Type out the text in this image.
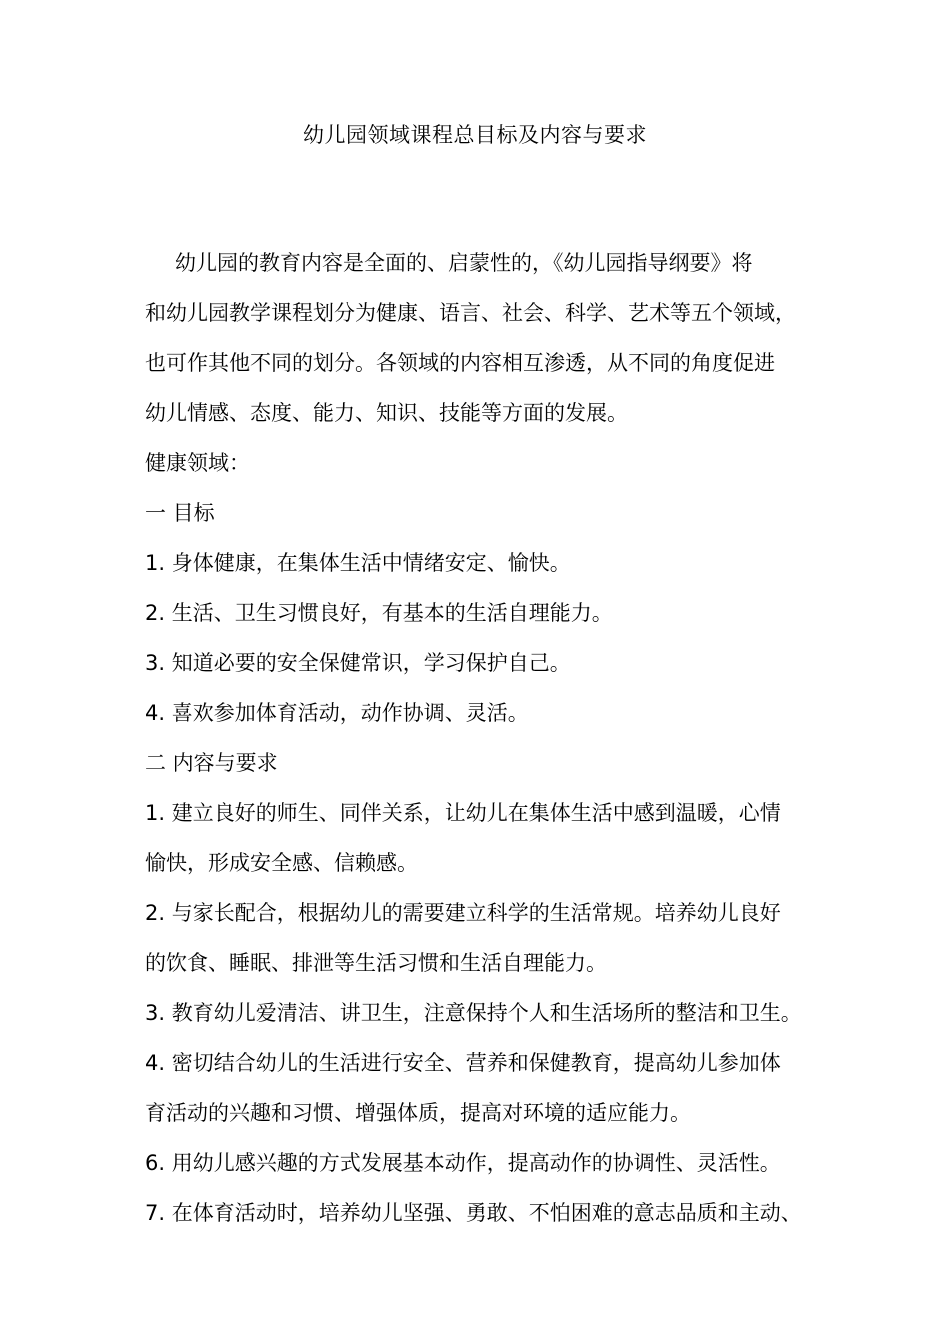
幼儿园领域课程总目标及内容与要求
幼儿园的教育内容是全面的、启蒙性的，《幼儿园指导纲要》将
和幼儿园教学课程划分为健康、语言、社会、科学、艺术等五个领域，
也可作其他不同的划分。各领域的内容相互渗透，从不同的角度促进
幼儿情感、态度、能力、知识、技能等方面的发展。
健康领域：
一 目标
1. 身体健康，在集体生活中情绪安定、愉快。
2. 生活、卫生习惯良好，有基本的生活自理能力。
3. 知道必要的安全保健常识，学习保护自己。
4. 喜欢参加体育活动，动作协调、灵活。
二 内容与要求
1. 建立良好的师生、同伴关系，让幼儿在集体生活中感到温暖，心情
愉快，形成安全感、信赖感。
2. 与家长配合，根据幼儿的需要建立科学的生活常规。培养幼儿良好
的饮食、睡眠、排泄等生活习惯和生活自理能力。
3. 教育幼儿爱清洁、讲卫生，注意保持个人和生活场所的整洁和卫生。
4. 密切结合幼儿的生活进行安全、营养和保健教育，提高幼儿参加体
育活动的兴趣和习惯、增强体质，提高对环境的适应能力。
6. 用幼儿感兴趣的方式发展基本动作，提高动作的协调性、灵活性。
7. 在体育活动时，培养幼儿坚强、勇敢、不怕困难的意志品质和主动、
